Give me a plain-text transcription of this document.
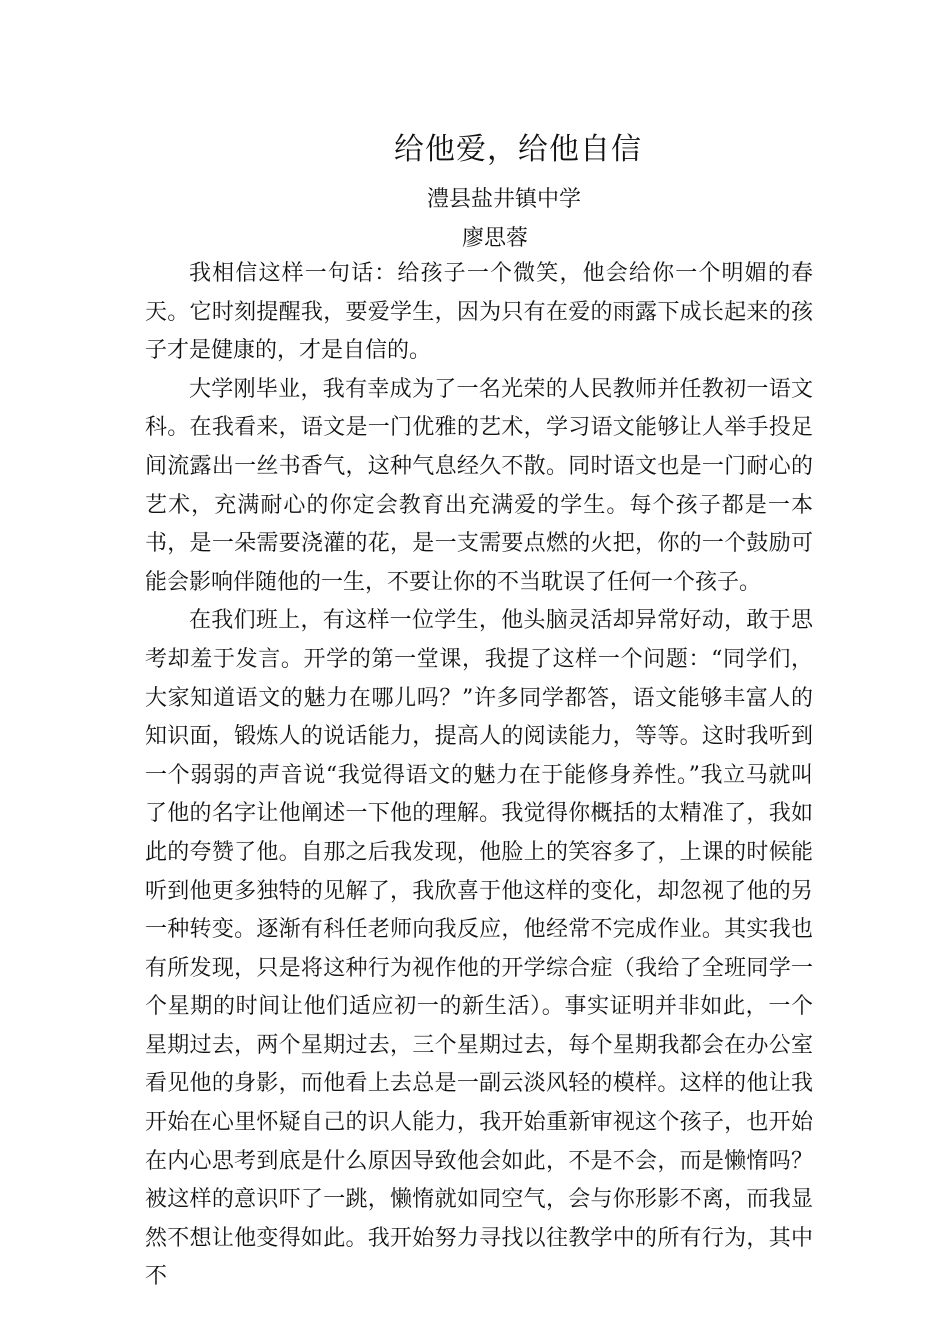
给他爱，给他自信
澧县盐井镇中学
廖思蓉

我相信这样一句话：给孩子一个微笑，他会给你一个明媚的春天。它时刻提醒我，要爱学生，因为只有在爱的雨露下成长起来的孩子才是健康的，才是自信的。

大学刚毕业，我有幸成为了一名光荣的人民教师并任教初一语文科。在我看来，语文是一门优雅的艺术，学习语文能够让人举手投足间流露出一丝书香气，这种气息经久不散。同时语文也是一门耐心的艺术，充满耐心的你定会教育出充满爱的学生。每个孩子都是一本书，是一朵需要浇灌的花，是一支需要点燃的火把，你的一个鼓励可能会影响伴随他的一生，不要让你的不当耽误了任何一个孩子。

在我们班上，有这样一位学生，他头脑灵活却异常好动，敢于思考却羞于发言。开学的第一堂课，我提了这样一个问题：“同学们，大家知道语文的魅力在哪儿吗？”许多同学都答，语文能够丰富人的知识面，锻炼人的说话能力，提高人的阅读能力，等等。这时我听到一个弱弱的声音说“我觉得语文的魅力在于能修身养性。”我立马就叫了他的名字让他阐述一下他的理解。我觉得你概括的太精准了，我如此的夸赞了他。自那之后我发现，他脸上的笑容多了，上课的时候能听到他更多独特的见解了，我欣喜于他这样的变化，却忽视了他的另一种转变。逐渐有科任老师向我反应，他经常不完成作业。其实我也有所发现，只是将这种行为视作他的开学综合症（我给了全班同学一个星期的时间让他们适应初一的新生活）。事实证明并非如此，一个星期过去，两个星期过去，三个星期过去，每个星期我都会在办公室看见他的身影，而他看上去总是一副云淡风轻的模样。这样的他让我开始在心里怀疑自己的识人能力，我开始重新审视这个孩子，也开始在内心思考到底是什么原因导致他会如此，不是不会，而是懒惰吗？被这样的意识吓了一跳，懒惰就如同空气，会与你形影不离，而我显然不想让他变得如此。我开始努力寻找以往教学中的所有行为，其中不
